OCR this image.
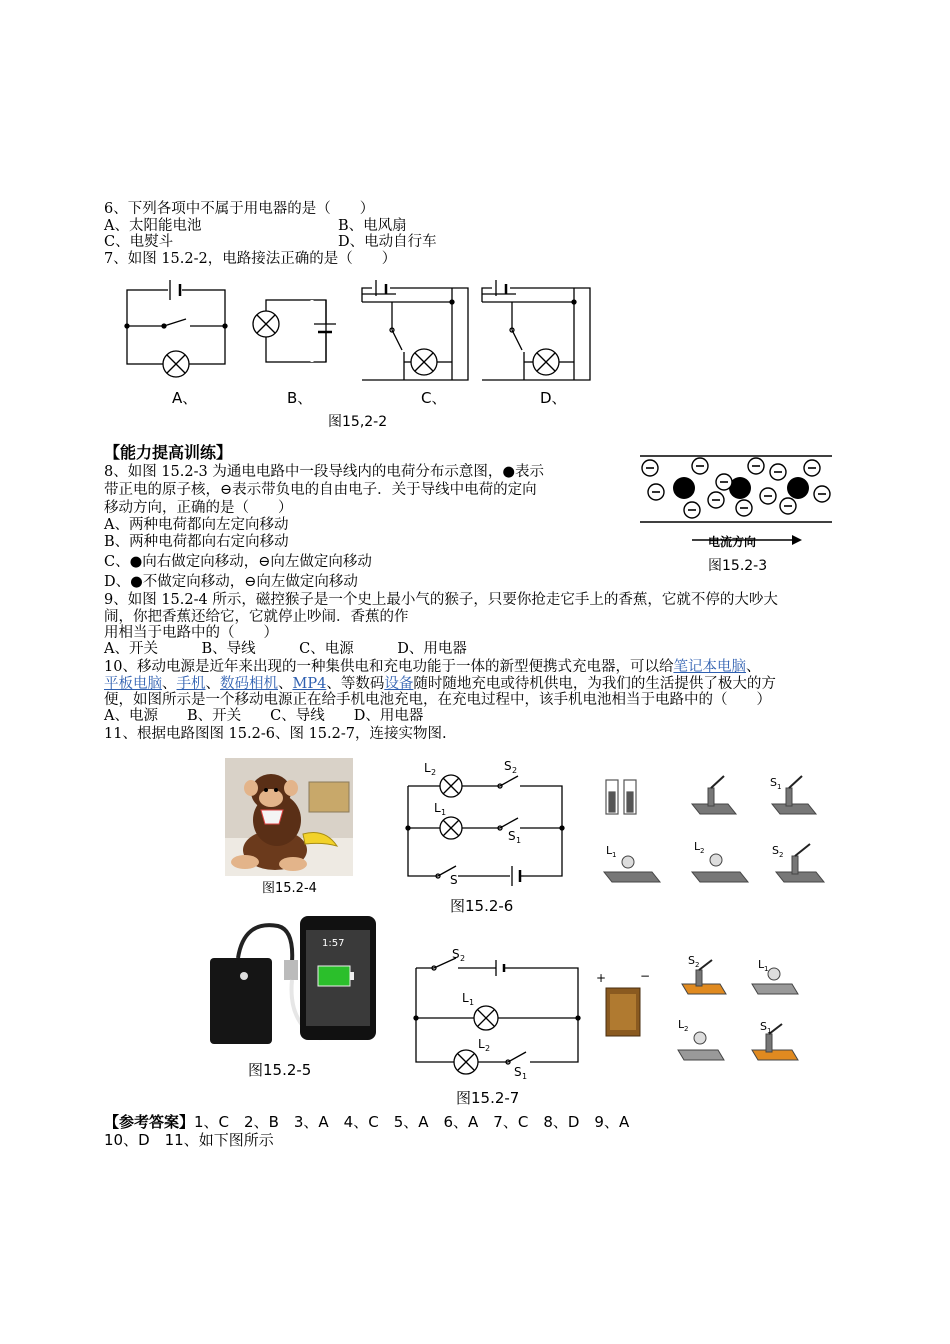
6、下列各项中不属于用电器的是（　　）
A、太阳能电池	B、电风扇
C、电熨斗	D、电动自行车
7、如图 15.2-2，电路接法正确的是（　　）
A、	B、	C、	D、
图15,2-2
【能力提高训练】
8、如图 15.2-3 为通电电路中一段导线内的电荷分布示意图，●表示
带正电的原子核，⊖表示带负电的自由电子．关于导线中电荷的定向
移动方向，正确的是（　　）
A、两种电荷都向左定向移动
B、两种电荷都向右定向移动
C、●向右做定向移动，⊖向左做定向移动
D、●不做定向移动，⊖向左做定向移动
电流方向
图15.2-3
9、如图 15.2-4 所示，磁控猴子是一个史上最小气的猴子，只要你抢走它手上的香蕉，它就不停的大吵大
闹，你把香蕉还给它，它就停止吵闹．香蕉的作
用相当于电路中的（　　）
A、开关　　　B、导线　　　C、电源　　　D、用电器
10、移动电源是近年来出现的一种集供电和充电功能于一体的新型便携式充电器，可以给笔记本电脑、
平板电脑、手机、数码相机、MP4、等数码设备随时随地充电或待机供电，为我们的生活提供了极大的方
便，如图所示是一个移动电源正在给手机电池充电，在充电过程中，该手机电池相当于电路中的（　　）
A、电源　　B、开关　　C、导线　　D、用电器
11、根据电路图图 15.2-6、图 15.2-7，连接实物图.
图15.2-4
L 2	S 2
L 1
S 1
S
图15.2-6
S 1
L 1
L 2	S 2
1:57
图15.2-5
S 2
L 1
L 2
S 1
图15.2-7
+	−
S 2	L 1
L 2	S 1
【参考答案】1、C　2、B　3、A　4、C　5、A　6、A　7、C　8、D　9、A
10、D　11、如下图所示
